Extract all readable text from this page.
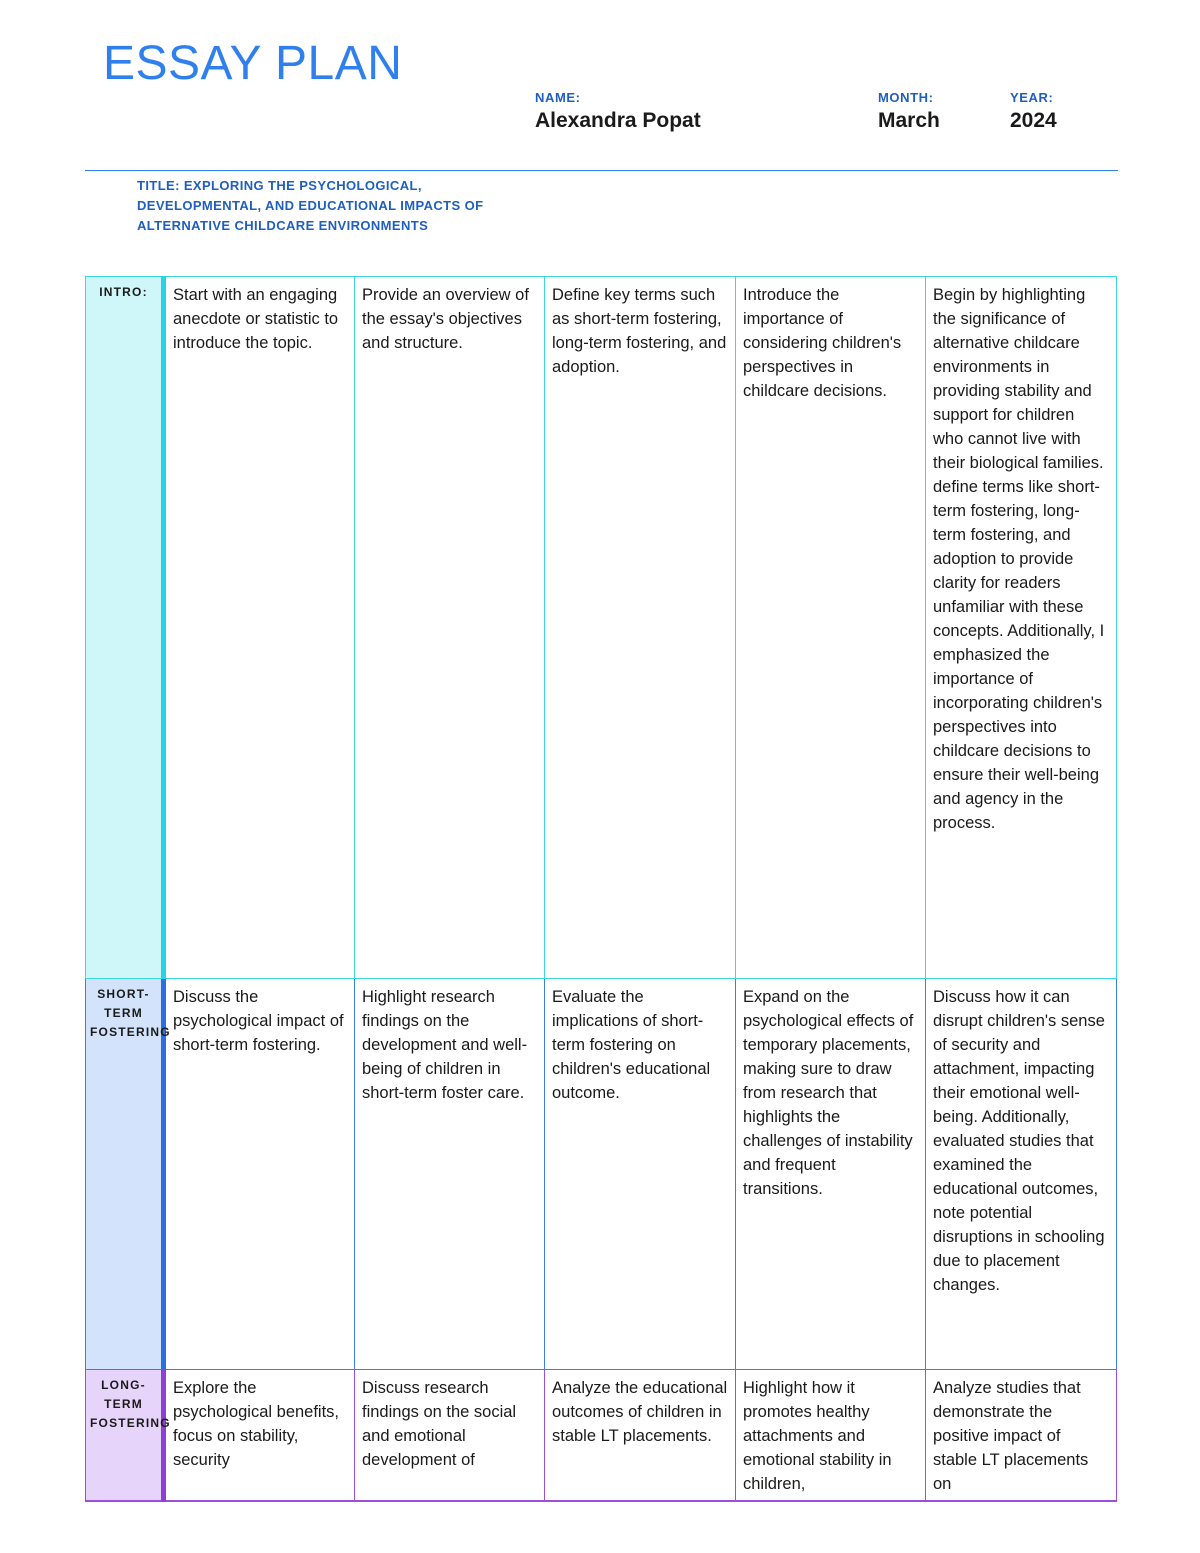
ESSAY PLAN
NAME:
Alexandra Popat
MONTH:
March
YEAR:
2024
TITLE: EXPLORING THE PSYCHOLOGICAL, DEVELOPMENTAL, AND EDUCATIONAL IMPACTS OF ALTERNATIVE CHILDCARE ENVIRONMENTS
INTRO:	Start with an engaging anecdote or statistic to introduce the topic.	Provide an overview of the essay's objectives and structure.	Define key terms such as short-term fostering, long-term fostering, and adoption.	Introduce the importance of considering children's perspectives in childcare decisions.	Begin by highlighting the significance of alternative childcare environments in providing stability and support for children who cannot live with their biological families. define terms like short-term fostering, long-term fostering, and adoption to provide clarity for readers unfamiliar with these concepts. Additionally, I emphasized the importance of incorporating children's perspectives into childcare decisions to ensure their well-being and agency in the process.
SHORT-TERM FOSTERING	Discuss the psychological impact of short-term fostering.	Highlight research findings on the development and well-being of children in short-term foster care.	Evaluate the implications of short-term fostering on children's educational outcome.	Expand on the psychological effects of temporary placements, making sure to draw from research that highlights the challenges of instability and frequent transitions.	Discuss how it can disrupt children's sense of security and attachment, impacting their emotional well-being. Additionally, evaluated studies that examined the educational outcomes, note potential disruptions in schooling due to placement changes.
LONG-TERM FOSTERING	Explore the psychological benefits, focus on stability, security	Discuss research findings on the social and emotional development of	Analyze the educational outcomes of children in stable LT placements.	Highlight how it promotes healthy attachments and emotional stability in children,	Analyze studies that demonstrate the positive impact of stable LT placements on
